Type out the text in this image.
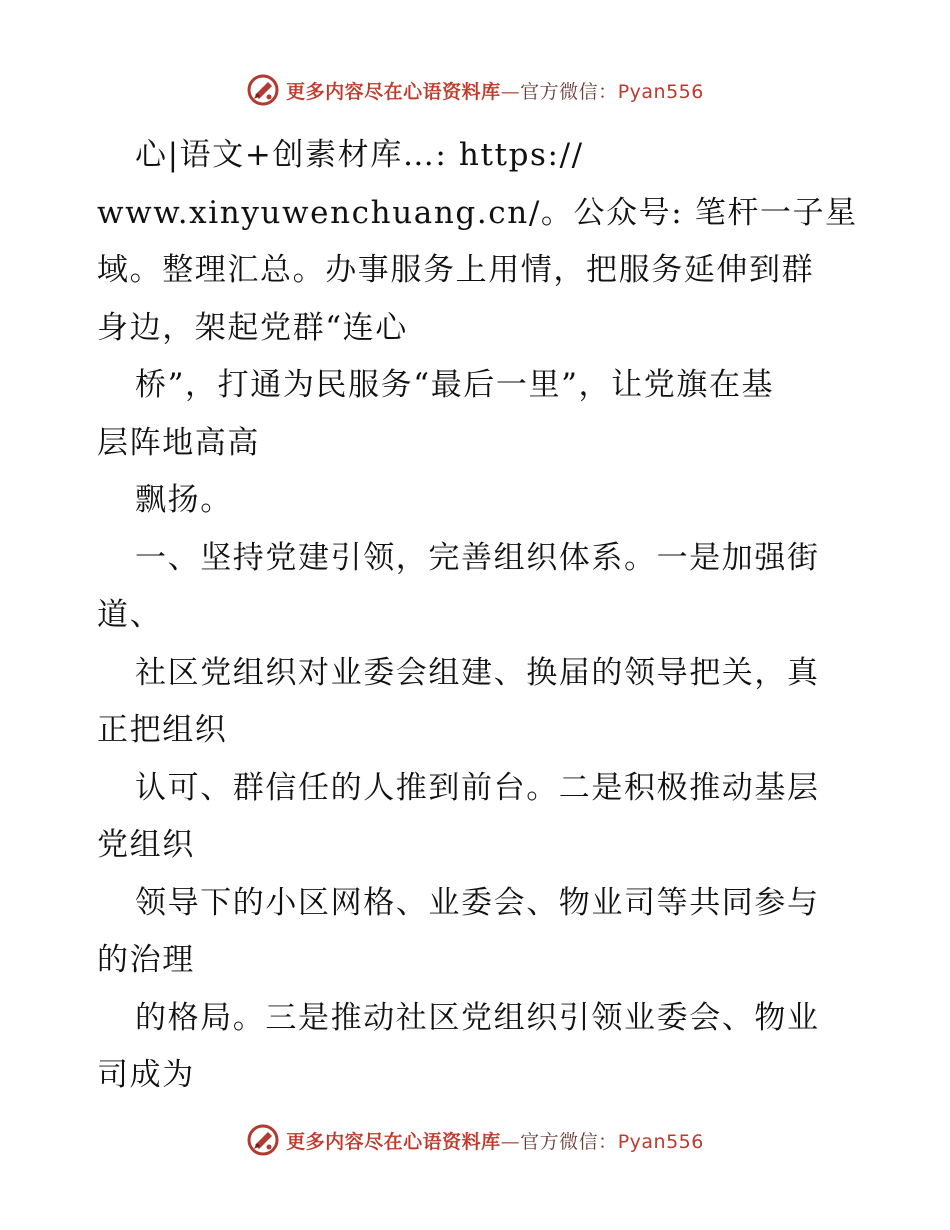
更多内容尽在心语资料库—官方微信：Pyan556
心|语文+创素材库…: https://
www.xinyuwenchuang.cn/。公众号: 笔杆一子星
域。整理汇总。办事服务上用情，把服务延伸到群
身边，架起党群“连心
桥”，打通为民服务“最后一里”，让党旗在基
层阵地高高
飘扬。
一、坚持党建引领，完善组织体系。一是加强街
道、
社区党组织对业委会组建、换届的领导把关，真
正把组织
认可、群信任的人推到前台。二是积极推动基层
党组织
领导下的小区网格、业委会、物业司等共同参与
的治理
的格局。三是推动社区党组织引领业委会、物业
司成为
更多内容尽在心语资料库—官方微信：Pyan556
